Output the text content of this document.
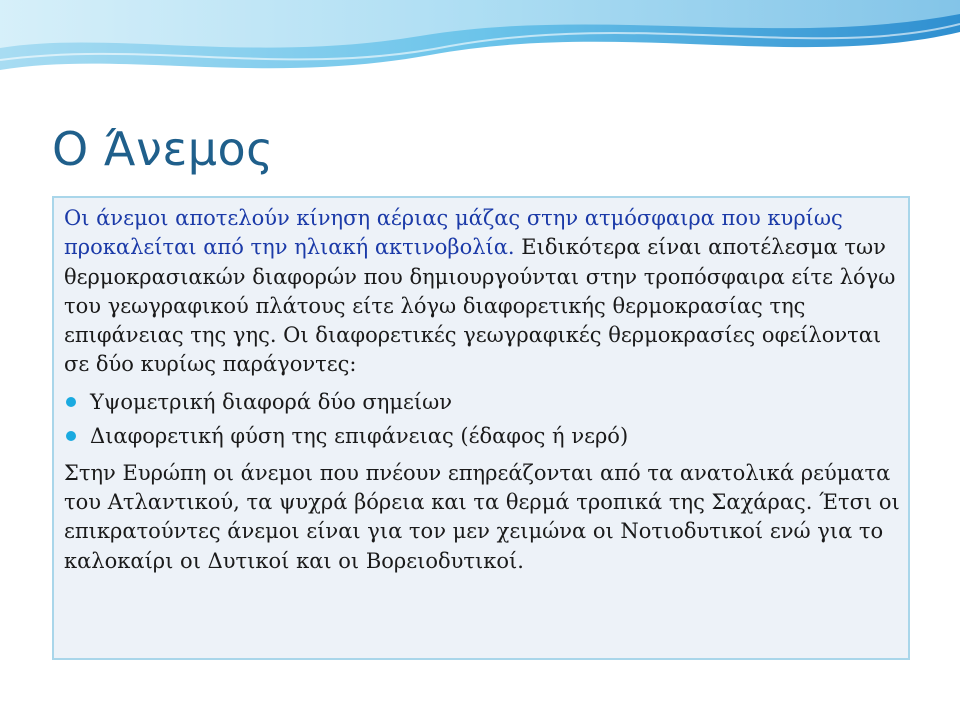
Ο Άνεμος

Οι άνεμοι αποτελούν κίνηση αέριας μάζας στην ατμόσφαιρα που κυρίως προκαλείται από την ηλιακή ακτινοβολία. Ειδικότερα είναι αποτέλεσμα των θερμοκρασιακών διαφορών που δημιουργούνται στην τροπόσφαιρα είτε λόγω του γεωγραφικού πλάτους είτε λόγω διαφορετικής θερμοκρασίας της επιφάνειας της γης. Οι διαφορετικές γεωγραφικές θερμοκρασίες οφείλονται σε δύο κυρίως παράγοντες:

Υψομετρική διαφορά δύο σημείων
Διαφορετική φύση της επιφάνειας (έδαφος ή νερό)

Στην Ευρώπη οι άνεμοι που πνέουν επηρεάζονται από τα ανατολικά ρεύματα του Ατλαντικού, τα ψυχρά βόρεια και τα θερμά τροπικά της Σαχάρας. Έτσι οι επικρατούντες άνεμοι είναι για τον μεν χειμώνα οι Νοτιοδυτικοί ενώ για το καλοκαίρι οι Δυτικοί και οι Βορειοδυτικοί.
